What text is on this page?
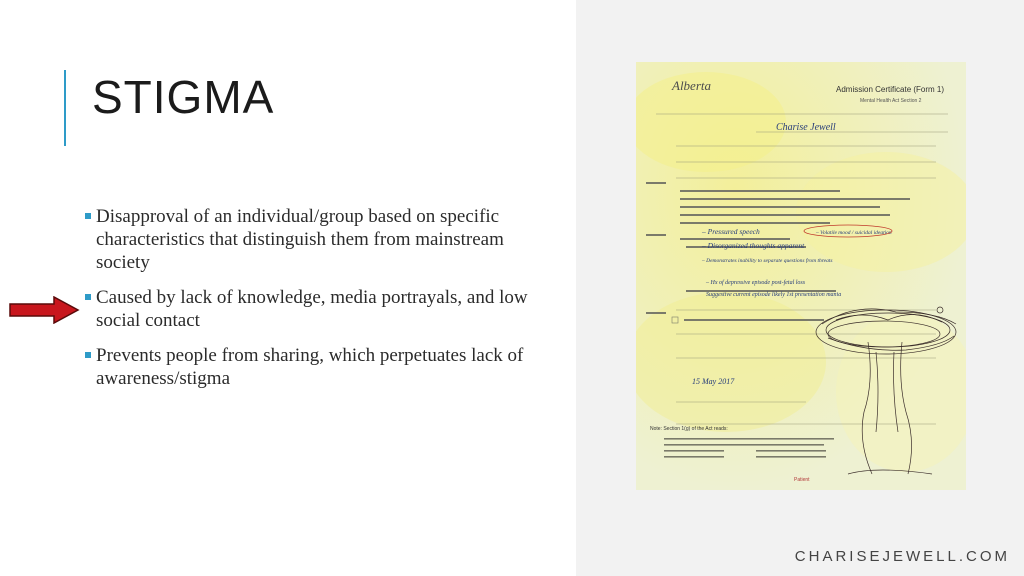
STIGMA
Disapproval of an individual/group based on specific characteristics that distinguish them from mainstream society
Caused by lack of knowledge, media portrayals, and low social contact
Prevents people from sharing, which perpetuates lack of awareness/stigma
Alberta	Admission Certificate (Form 1)
Mental Health Act Section 2
Charise Jewell
– Pressured speech
– Disorganized thoughts apparent
– Demonstrates inability to separate questions from threats
– Hx of depressive episode post-fetal loss
Suggestive current episode likely 1st presentation mania
– Volatile mood / suicidal ideation
15 May 2017
Note: Section 1(g) of the Act reads:
Patient
CHARISEJEWELL.COM
